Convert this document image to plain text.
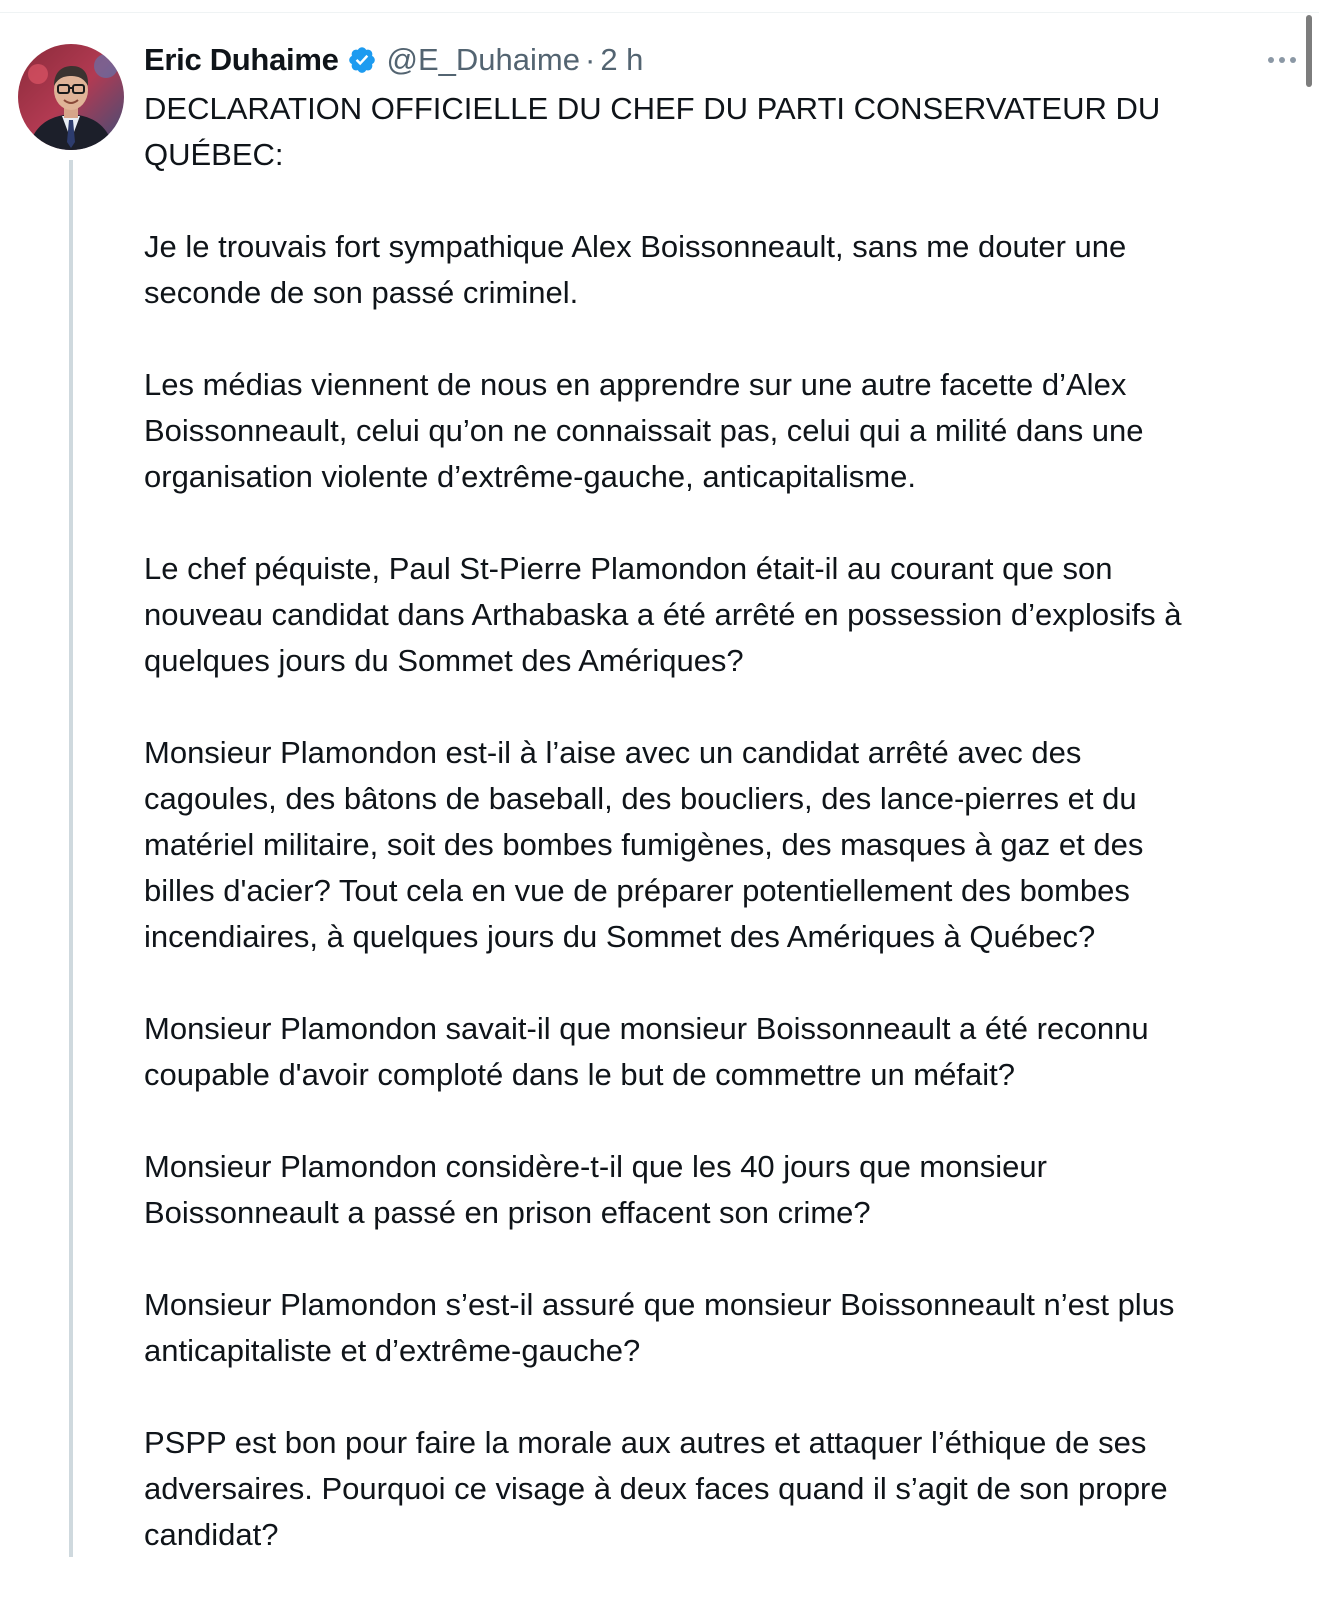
Eric Duhaime @E_Duhaime · 2 h

DECLARATION OFFICIELLE DU CHEF DU PARTI CONSERVATEUR DU
QUÉBEC:

Je le trouvais fort sympathique Alex Boissonneault, sans me douter une
seconde de son passé criminel.

Les médias viennent de nous en apprendre sur une autre facette d’Alex
Boissonneault, celui qu’on ne connaissait pas, celui qui a milité dans une
organisation violente d’extrême-gauche, anticapitalisme.

Le chef péquiste, Paul St-Pierre Plamondon était-il au courant que son
nouveau candidat dans Arthabaska a été arrêté en possession d’explosifs à
quelques jours du Sommet des Amériques?

Monsieur Plamondon est-il à l’aise avec un candidat arrêté avec des
cagoules, des bâtons de baseball, des boucliers, des lance-pierres et du
matériel militaire, soit des bombes fumigènes, des masques à gaz et des
billes d'acier? Tout cela en vue de préparer potentiellement des bombes
incendiaires, à quelques jours du Sommet des Amériques à Québec?

Monsieur Plamondon savait-il que monsieur Boissonneault a été reconnu
coupable d'avoir comploté dans le but de commettre un méfait?

Monsieur Plamondon considère-t-il que les 40 jours que monsieur
Boissonneault a passé en prison effacent son crime?

Monsieur Plamondon s’est-il assuré que monsieur Boissonneault n’est plus
anticapitaliste et d’extrême-gauche?

PSPP est bon pour faire la morale aux autres et attaquer l’éthique de ses
adversaires. Pourquoi ce visage à deux faces quand il s’agit de son propre
candidat?
